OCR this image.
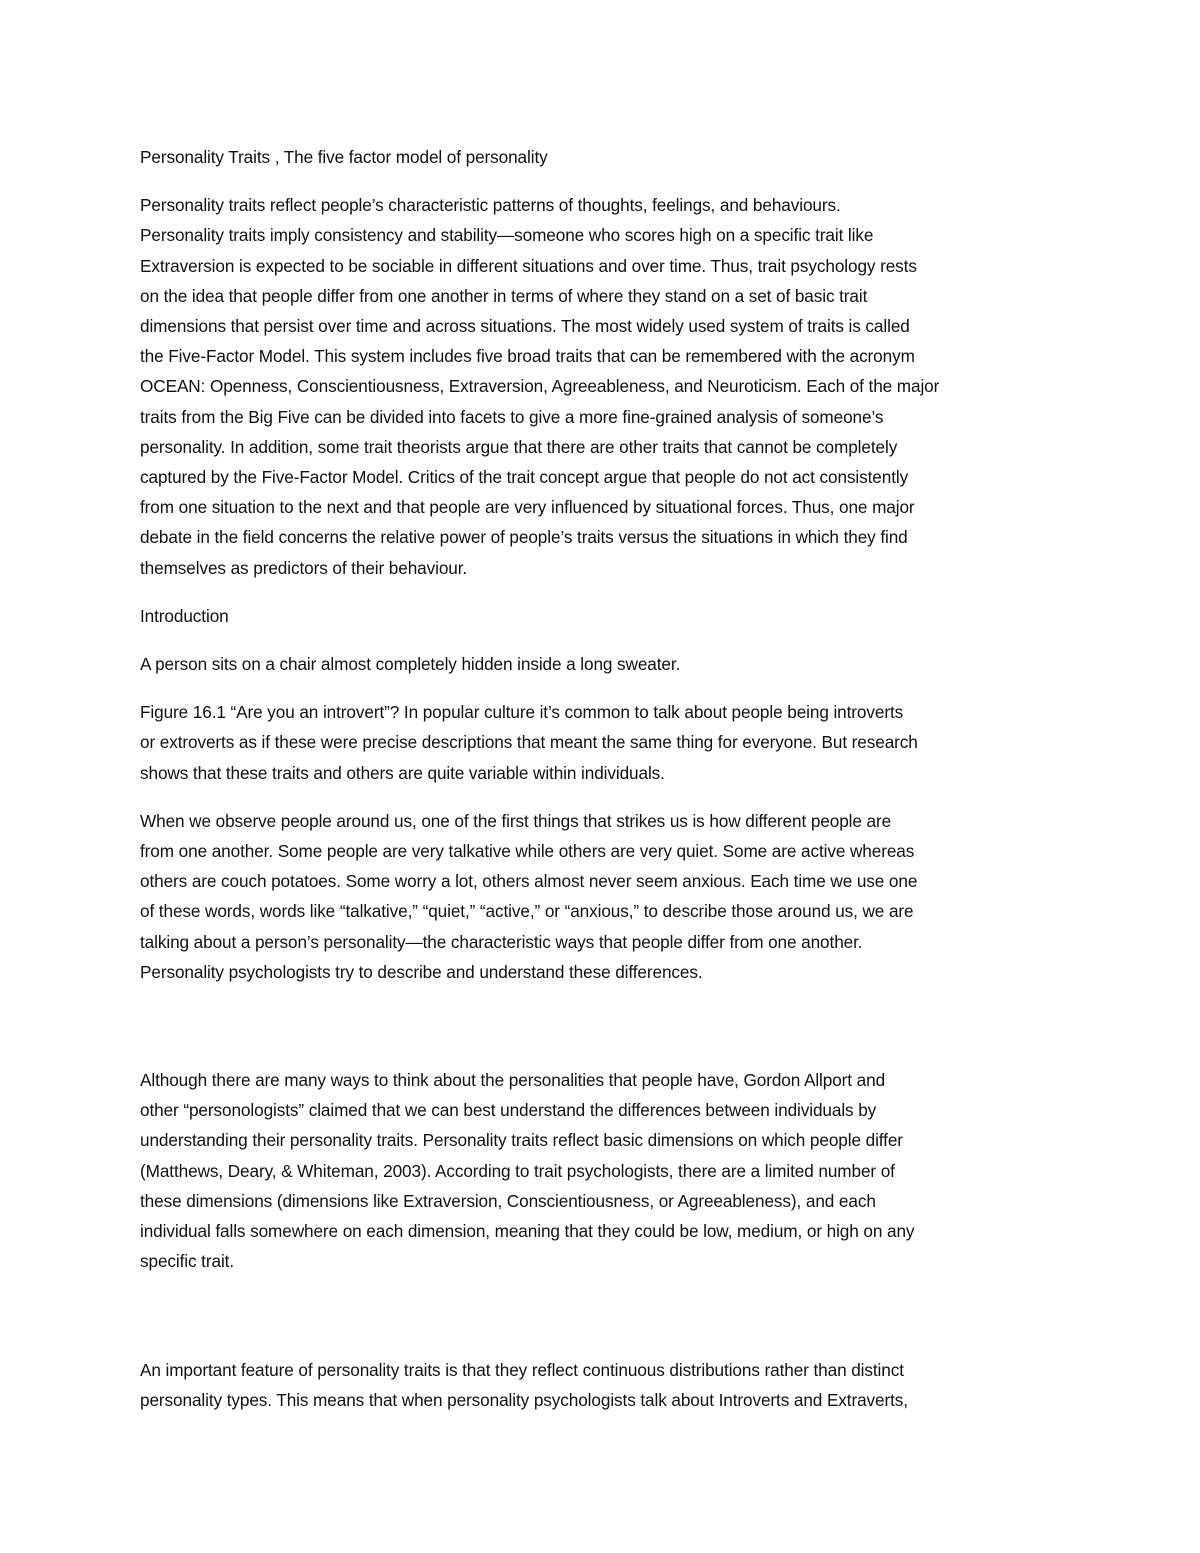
Personality Traits , The five factor model of personality

Personality traits reflect people’s characteristic patterns of thoughts, feelings, and behaviours.
Personality traits imply consistency and stability—someone who scores high on a specific trait like
Extraversion is expected to be sociable in different situations and over time. Thus, trait psychology rests
on the idea that people differ from one another in terms of where they stand on a set of basic trait
dimensions that persist over time and across situations. The most widely used system of traits is called
the Five-Factor Model. This system includes five broad traits that can be remembered with the acronym
OCEAN: Openness, Conscientiousness, Extraversion, Agreeableness, and Neuroticism. Each of the major
traits from the Big Five can be divided into facets to give a more fine-grained analysis of someone’s
personality. In addition, some trait theorists argue that there are other traits that cannot be completely
captured by the Five-Factor Model. Critics of the trait concept argue that people do not act consistently
from one situation to the next and that people are very influenced by situational forces. Thus, one major
debate in the field concerns the relative power of people’s traits versus the situations in which they find
themselves as predictors of their behaviour.

Introduction

A person sits on a chair almost completely hidden inside a long sweater.

Figure 16.1 “Are you an introvert”? In popular culture it’s common to talk about people being introverts
or extroverts as if these were precise descriptions that meant the same thing for everyone. But research
shows that these traits and others are quite variable within individuals.

When we observe people around us, one of the first things that strikes us is how different people are
from one another. Some people are very talkative while others are very quiet. Some are active whereas
others are couch potatoes. Some worry a lot, others almost never seem anxious. Each time we use one
of these words, words like “talkative,” “quiet,” “active,” or “anxious,” to describe those around us, we are
talking about a person’s personality—the characteristic ways that people differ from one another.
Personality psychologists try to describe and understand these differences.

Although there are many ways to think about the personalities that people have, Gordon Allport and
other “personologists” claimed that we can best understand the differences between individuals by
understanding their personality traits. Personality traits reflect basic dimensions on which people differ
(Matthews, Deary, & Whiteman, 2003). According to trait psychologists, there are a limited number of
these dimensions (dimensions like Extraversion, Conscientiousness, or Agreeableness), and each
individual falls somewhere on each dimension, meaning that they could be low, medium, or high on any
specific trait.

An important feature of personality traits is that they reflect continuous distributions rather than distinct
personality types. This means that when personality psychologists talk about Introverts and Extraverts,
